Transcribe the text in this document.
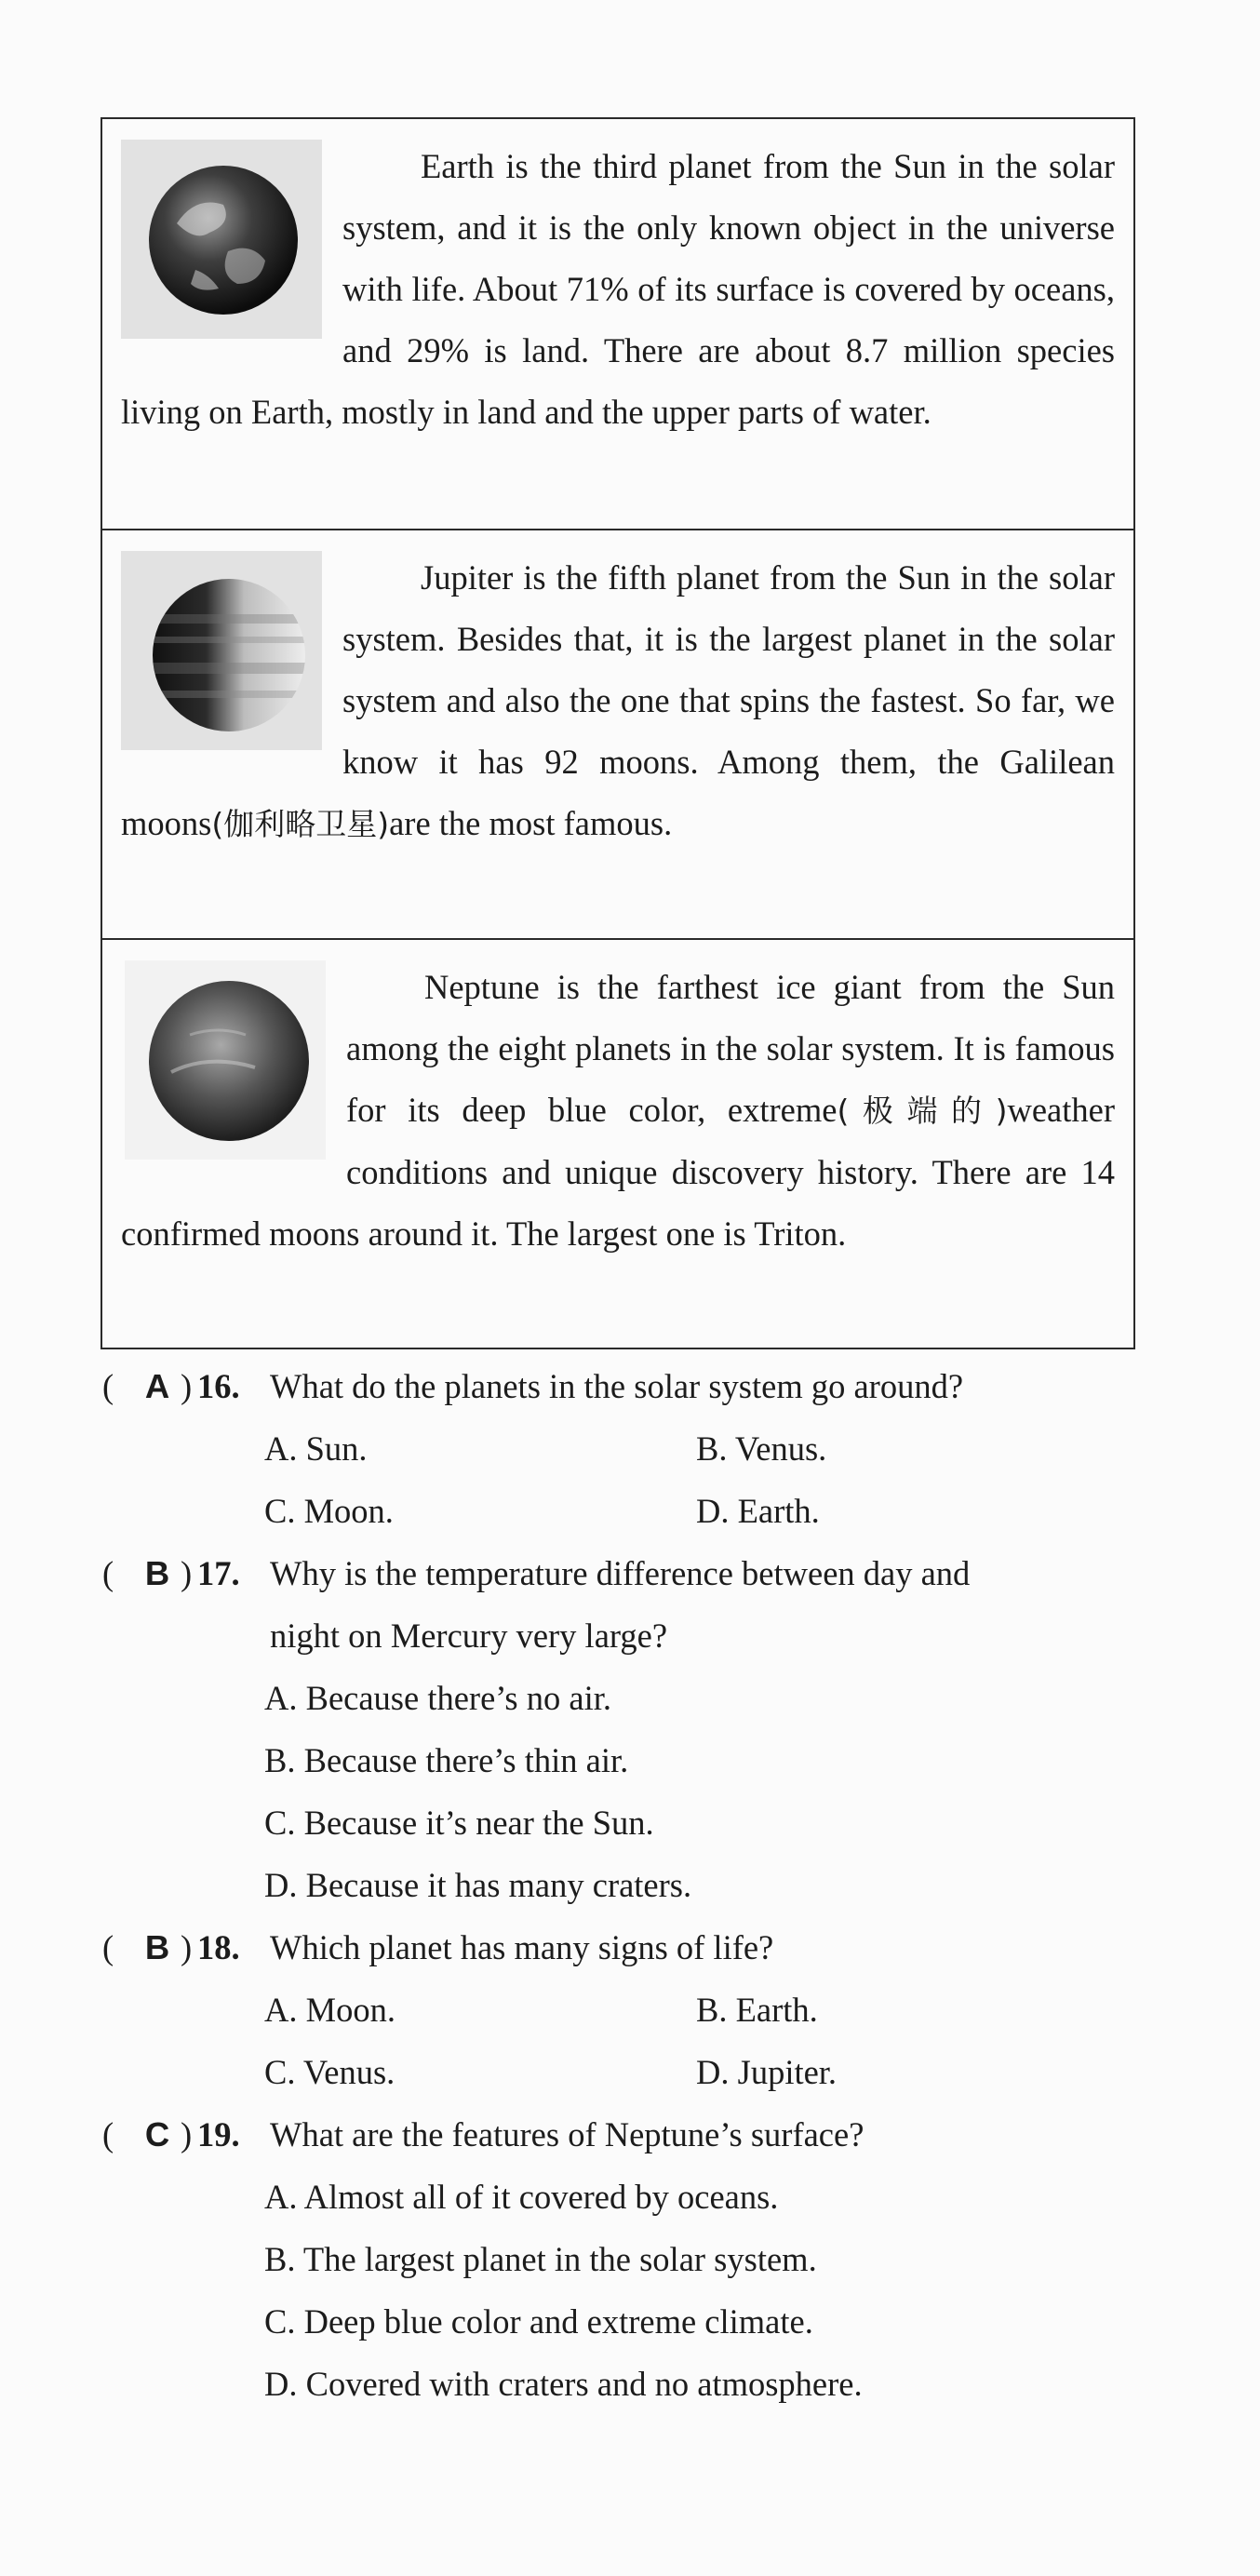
Earth is the third planet from the Sun in the solar system, and it is the only known object in the universe with life. About 71% of its surface is covered by oceans, and 29% is land. There are about 8.7 million species living on Earth, mostly in land and the upper parts of water.
Jupiter is the fifth planet from the Sun in the solar system. Besides that, it is the largest planet in the solar system and also the one that spins the fastest. So far, we know it has 92 moons. Among them, the Galilean moons(伽利略卫星)are the most famous.
Neptune is the farthest ice giant from the Sun among the eight planets in the solar system. It is famous for its deep blue color, extreme(极端的)weather conditions and unique discovery history. There are 14 confirmed moons around it. The largest one is Triton.
( A ) 16. What do the planets in the solar system go around?
A. Sun.	B. Venus.
C. Moon.	D. Earth.
( B ) 17. Why is the temperature difference between day and
night on Mercury very large?
A. Because there’s no air.
B. Because there’s thin air.
C. Because it’s near the Sun.
D. Because it has many craters.
( B ) 18. Which planet has many signs of life?
A. Moon.	B. Earth.
C. Venus.	D. Jupiter.
( C ) 19. What are the features of Neptune’s surface?
A. Almost all of it covered by oceans.
B. The largest planet in the solar system.
C. Deep blue color and extreme climate.
D. Covered with craters and no atmosphere.
